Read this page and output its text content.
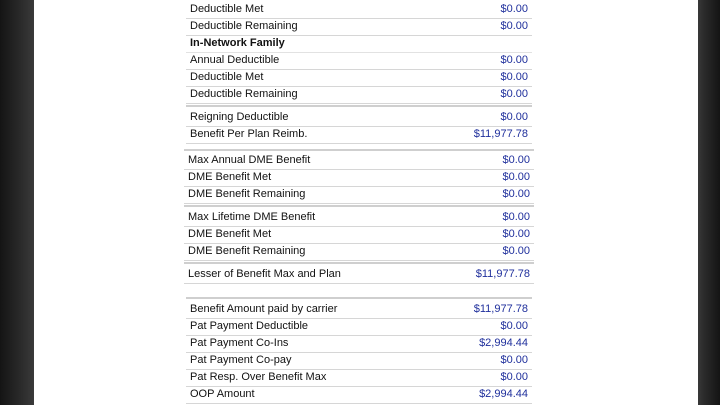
Deductible Met	$0.00
Deductible Remaining	$0.00
In-Network Family
Annual Deductible	$0.00
Deductible Met	$0.00
Deductible Remaining	$0.00
Reigning Deductible	$0.00
Benefit Per Plan Reimb.	$11,977.78
Max Annual DME Benefit	$0.00
DME Benefit Met	$0.00
DME Benefit Remaining	$0.00
Max Lifetime DME Benefit	$0.00
DME Benefit Met	$0.00
DME Benefit Remaining	$0.00
Lesser of Benefit Max and Plan	$11,977.78
Benefit Amount paid by carrier	$11,977.78
Pat Payment Deductible	$0.00
Pat Payment Co-Ins	$2,994.44
Pat Payment Co-pay	$0.00
Pat Resp. Over Benefit Max	$0.00
OOP Amount	$2,994.44
